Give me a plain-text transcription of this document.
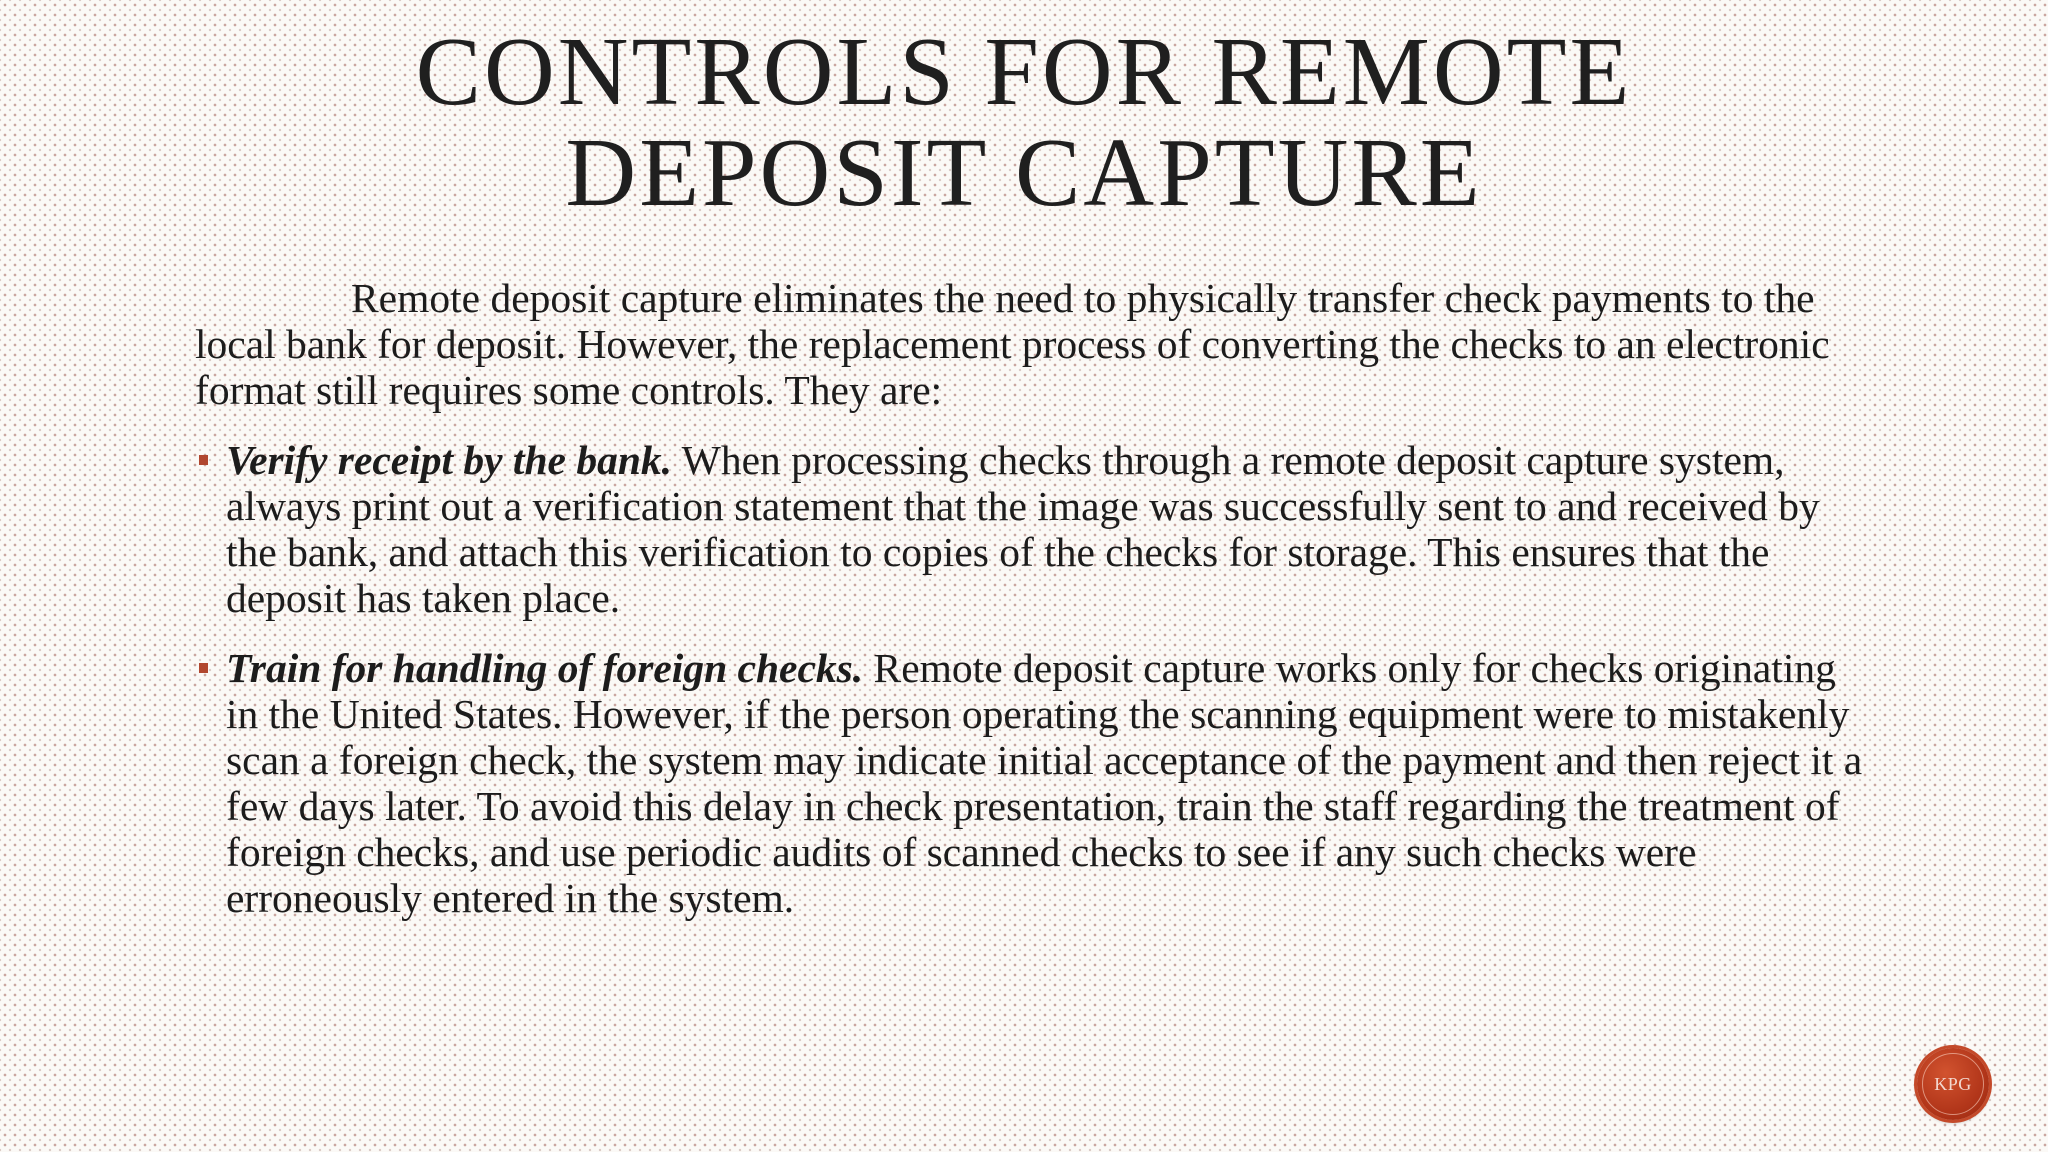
CONTROLS FOR REMOTE
DEPOSIT CAPTURE

Remote deposit capture eliminates the need to physically transfer check payments to the local bank for deposit. However, the replacement process of converting the checks to an electronic format still requires some controls. They are:

Verify receipt by the bank. When processing checks through a remote deposit capture system, always print out a verification statement that the image was successfully sent to and received by the bank, and attach this verification to copies of the checks for storage. This ensures that the deposit has taken place.
Train for handling of foreign checks. Remote deposit capture works only for checks originating in the United States. However, if the person operating the scanning equipment were to mistakenly scan a foreign check, the system may indicate initial acceptance of the payment and then reject it a few days later. To avoid this delay in check presentation, train the staff regarding the treatment of foreign checks, and use periodic audits of scanned checks to see if any such checks were erroneously entered in the system.
KPG
